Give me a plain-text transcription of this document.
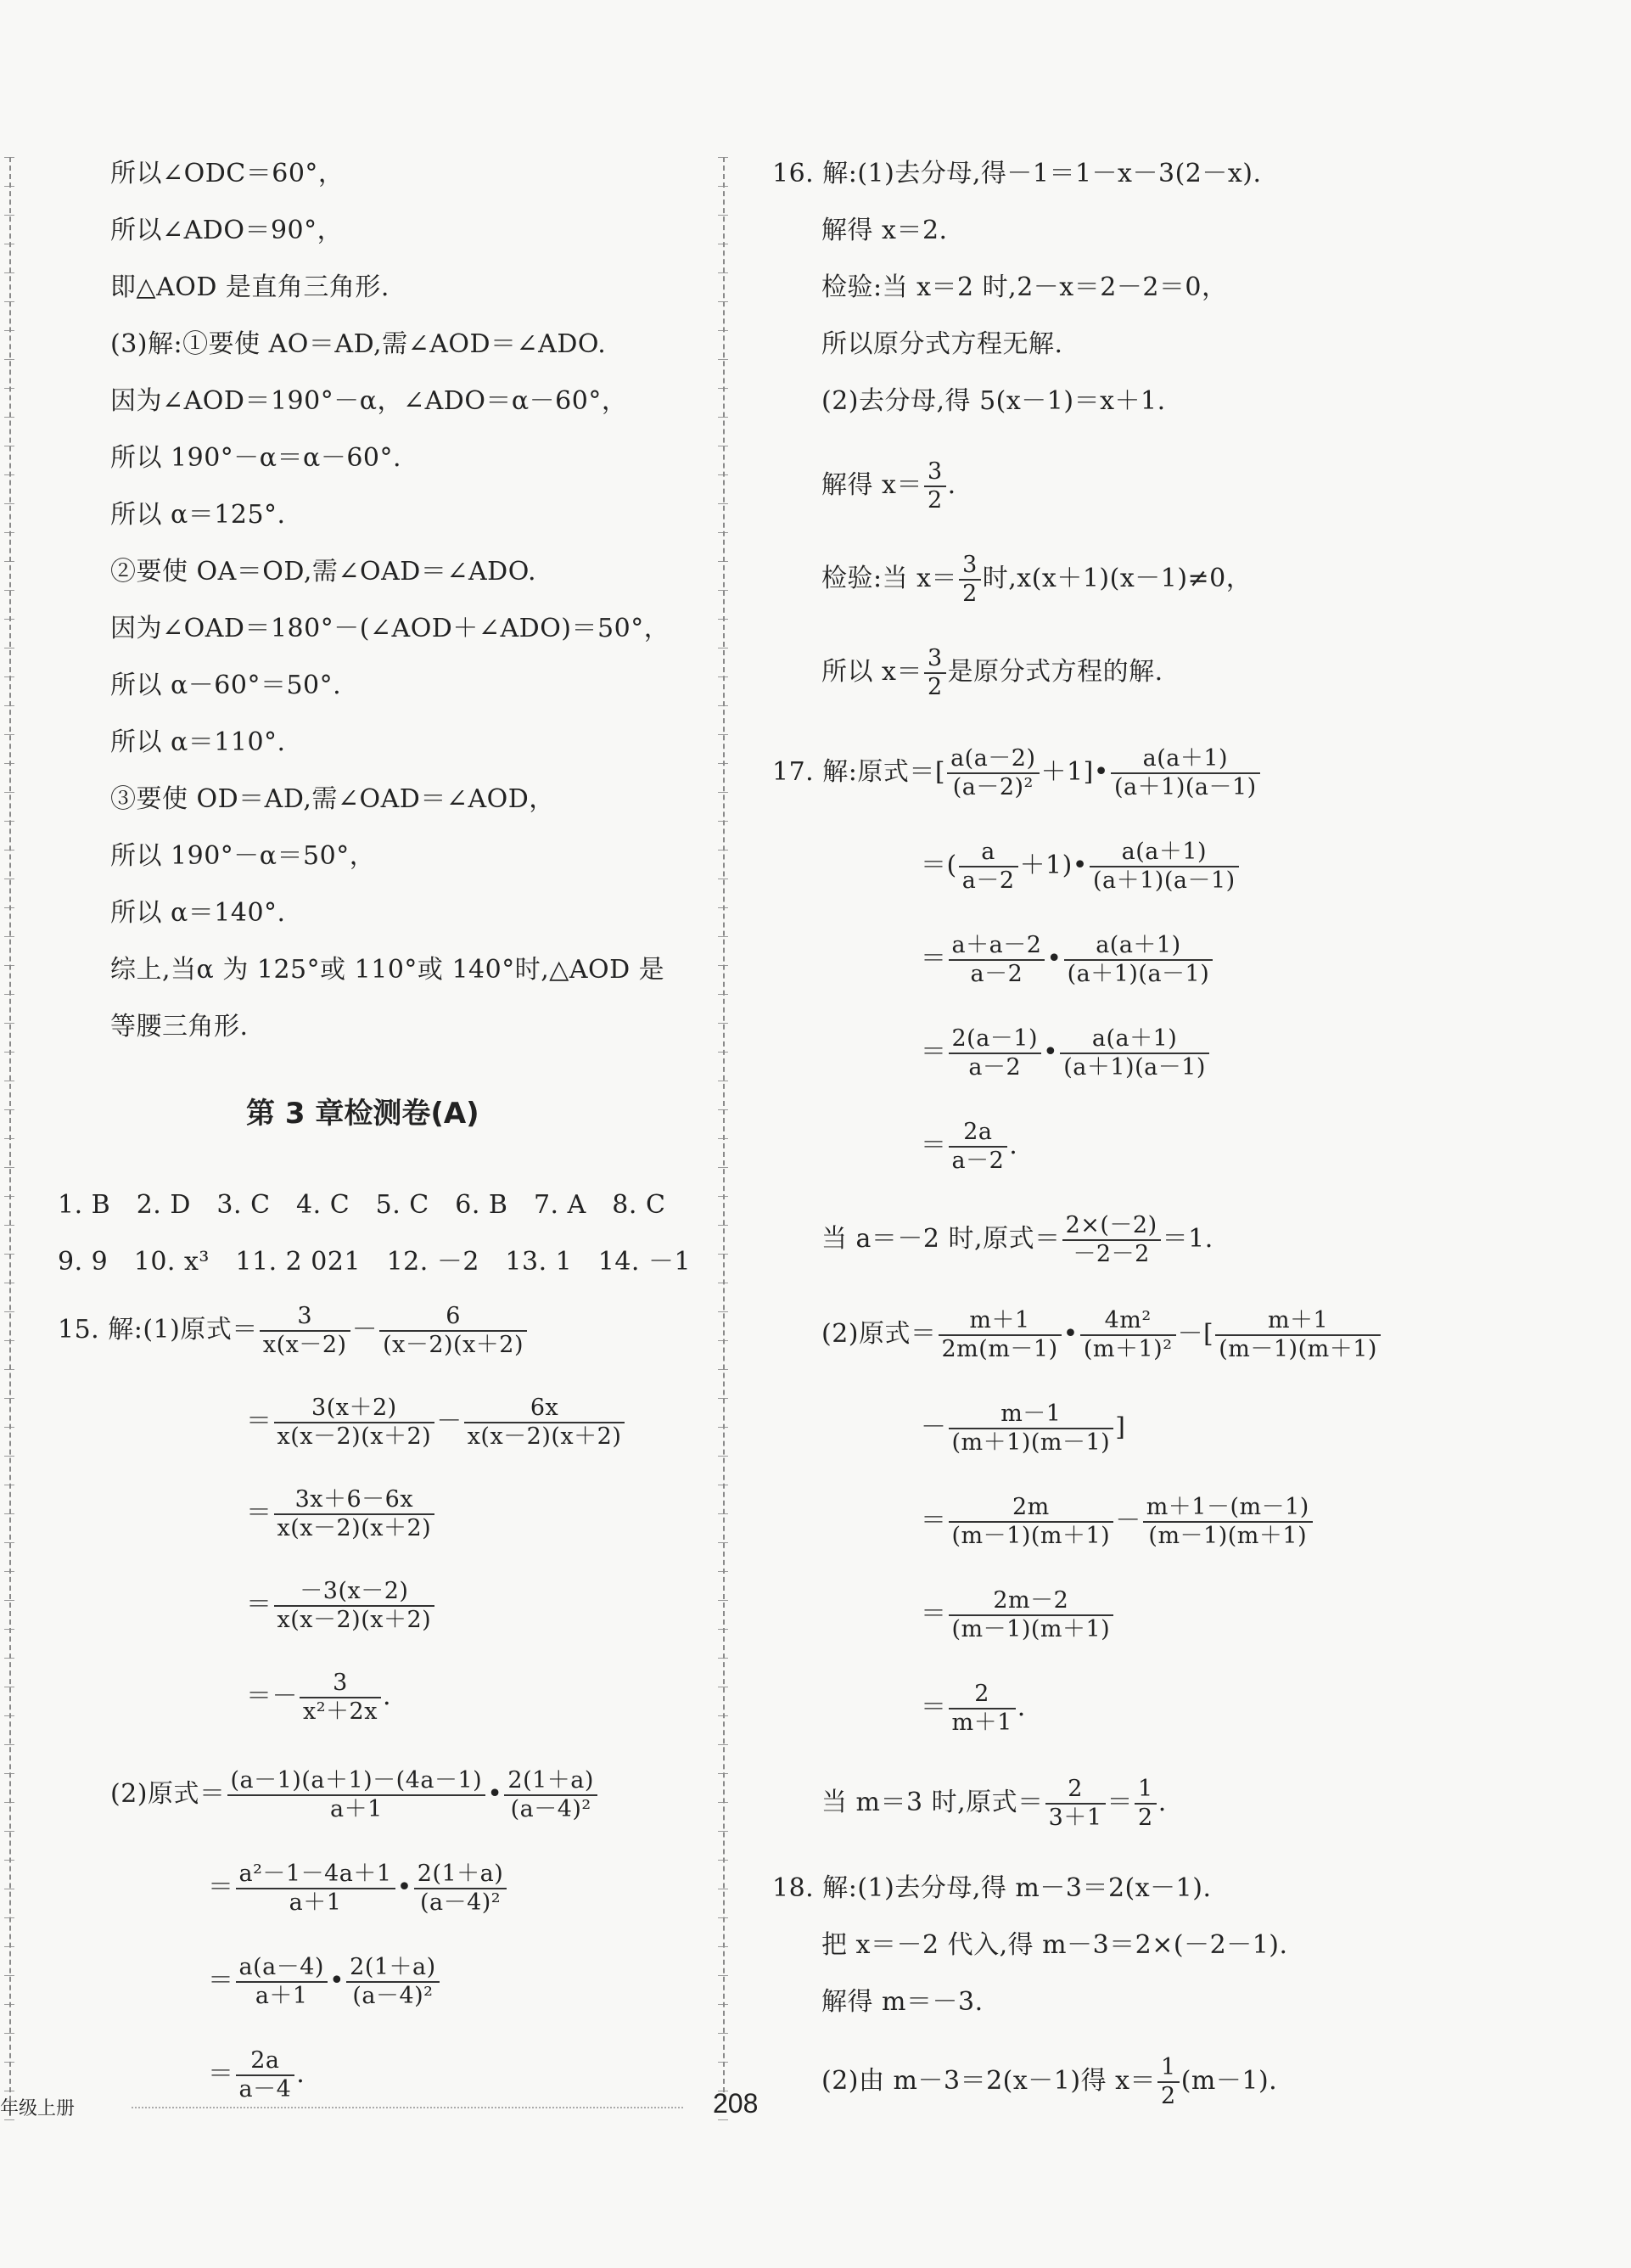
所以∠ODC＝60°，
所以∠ADO＝90°，
即△AOD 是直角三角形.
(3)解:①要使 AO＝AD,需∠AOD＝∠ADO.
因为∠AOD＝190°－α，∠ADO＝α－60°，
所以 190°－α＝α－60°.
所以 α＝125°.
②要使 OA＝OD,需∠OAD＝∠ADO.
因为∠OAD＝180°－(∠AOD＋∠ADO)＝50°，
所以 α－60°＝50°.
所以 α＝110°.
③要使 OD＝AD,需∠OAD＝∠AOD，
所以 190°－α＝50°，
所以 α＝140°.
综上,当α 为 125°或 110°或 140°时,△AOD 是
等腰三角形.
第 3 章检测卷(A)
1. B　2. D　3. C　4. C　5. C　6. B　7. A　8. C
9. 9　10. x³　11. 2 021　12. －2　13. 1　14. －1
15. 解:(1)原式＝ $\frac{3}{x(x-2)} - \frac{6}{(x-2)(x+2)}$
＝ $\frac{3(x+2)}{x(x-2)(x+2)} - \frac{6x}{x(x-2)(x+2)}$
＝ $\frac{3x+6-6x}{x(x-2)(x+2)}$
＝ $\frac{-3(x-2)}{x(x-2)(x+2)}$
＝－ $\frac{3}{\text{x²＋2x}}$ .
(2)原式＝ $\frac{(a-1)(a+1)-(4a-1)}{a+1}$ • $\frac{2(1+a)}{\text{(a－4)²}}$
＝ $\frac{\text{a²－1－4a＋1}}{a+1}$ • $\frac{2(1+a)}{\text{(a－4)²}}$
＝ $\frac{a(a-4)}{a+1}$ • $\frac{2(1+a)}{\text{(a－4)²}}$
＝ $\frac{2a}{a-4}$ .
16. 解:(1)去分母,得－1＝1－x－3(2－x).
解得 x＝2.
检验:当 x＝2 时,2－x＝2－2＝0，
所以原分式方程无解.
(2)去分母,得 5(x－1)＝x＋1.
解得 $x= \frac{3}{2}$ .
检验:当 $x= \frac{3}{2}$ 时,x(x＋1)(x－1)≠0，
所以 $x= \frac{3}{2}$ 是原分式方程的解.
17. 解:原式＝[ $\frac{a(a-2)}{\text{(a－2)²}}$ ＋1]• $\frac{a(a+1)}{(a+1)(a-1)}$
＝( $\frac{a}{a-2}$ ＋1)• $\frac{a(a+1)}{(a+1)(a-1)}$
＝ $\frac{a+a-2}{a-2}$ • $\frac{a(a+1)}{(a+1)(a-1)}$
＝ $\frac{2(a-1)}{a-2}$ • $\frac{a(a+1)}{(a+1)(a-1)}$
＝ $\frac{2a}{a-2}$ .
当 a＝－2 时,原式＝ $\frac{2\times(-2)}{-2-2} =1$.
(2)原式＝ $\frac{m+1}{2m(m-1)}$ • $\frac{\text{4m²}}{\text{(m＋1)²}}$ －[ $\frac{m+1}{(m-1)(m+1)}$
－ $\frac{m-1}{(m+1)(m-1)}$ ]
＝ $\frac{2m}{(m-1)(m+1)} - \frac{m+1-(m-1)}{(m-1)(m+1)}$
＝ $\frac{2m-2}{(m-1)(m+1)}$
＝ $\frac{2}{m+1}$ .
当 m＝3 时,原式＝ $\frac{2}{3+1} = \frac{1}{2}$ .
18. 解:(1)去分母,得 m－3＝2(x－1).
把 x＝－2 代入,得 m－3＝2×(－2－1).
解得 m＝－3.
(2)由 m－3＝2(x－1)得 $x= \frac{1}{2} (m-1)$.
年级上册	208
